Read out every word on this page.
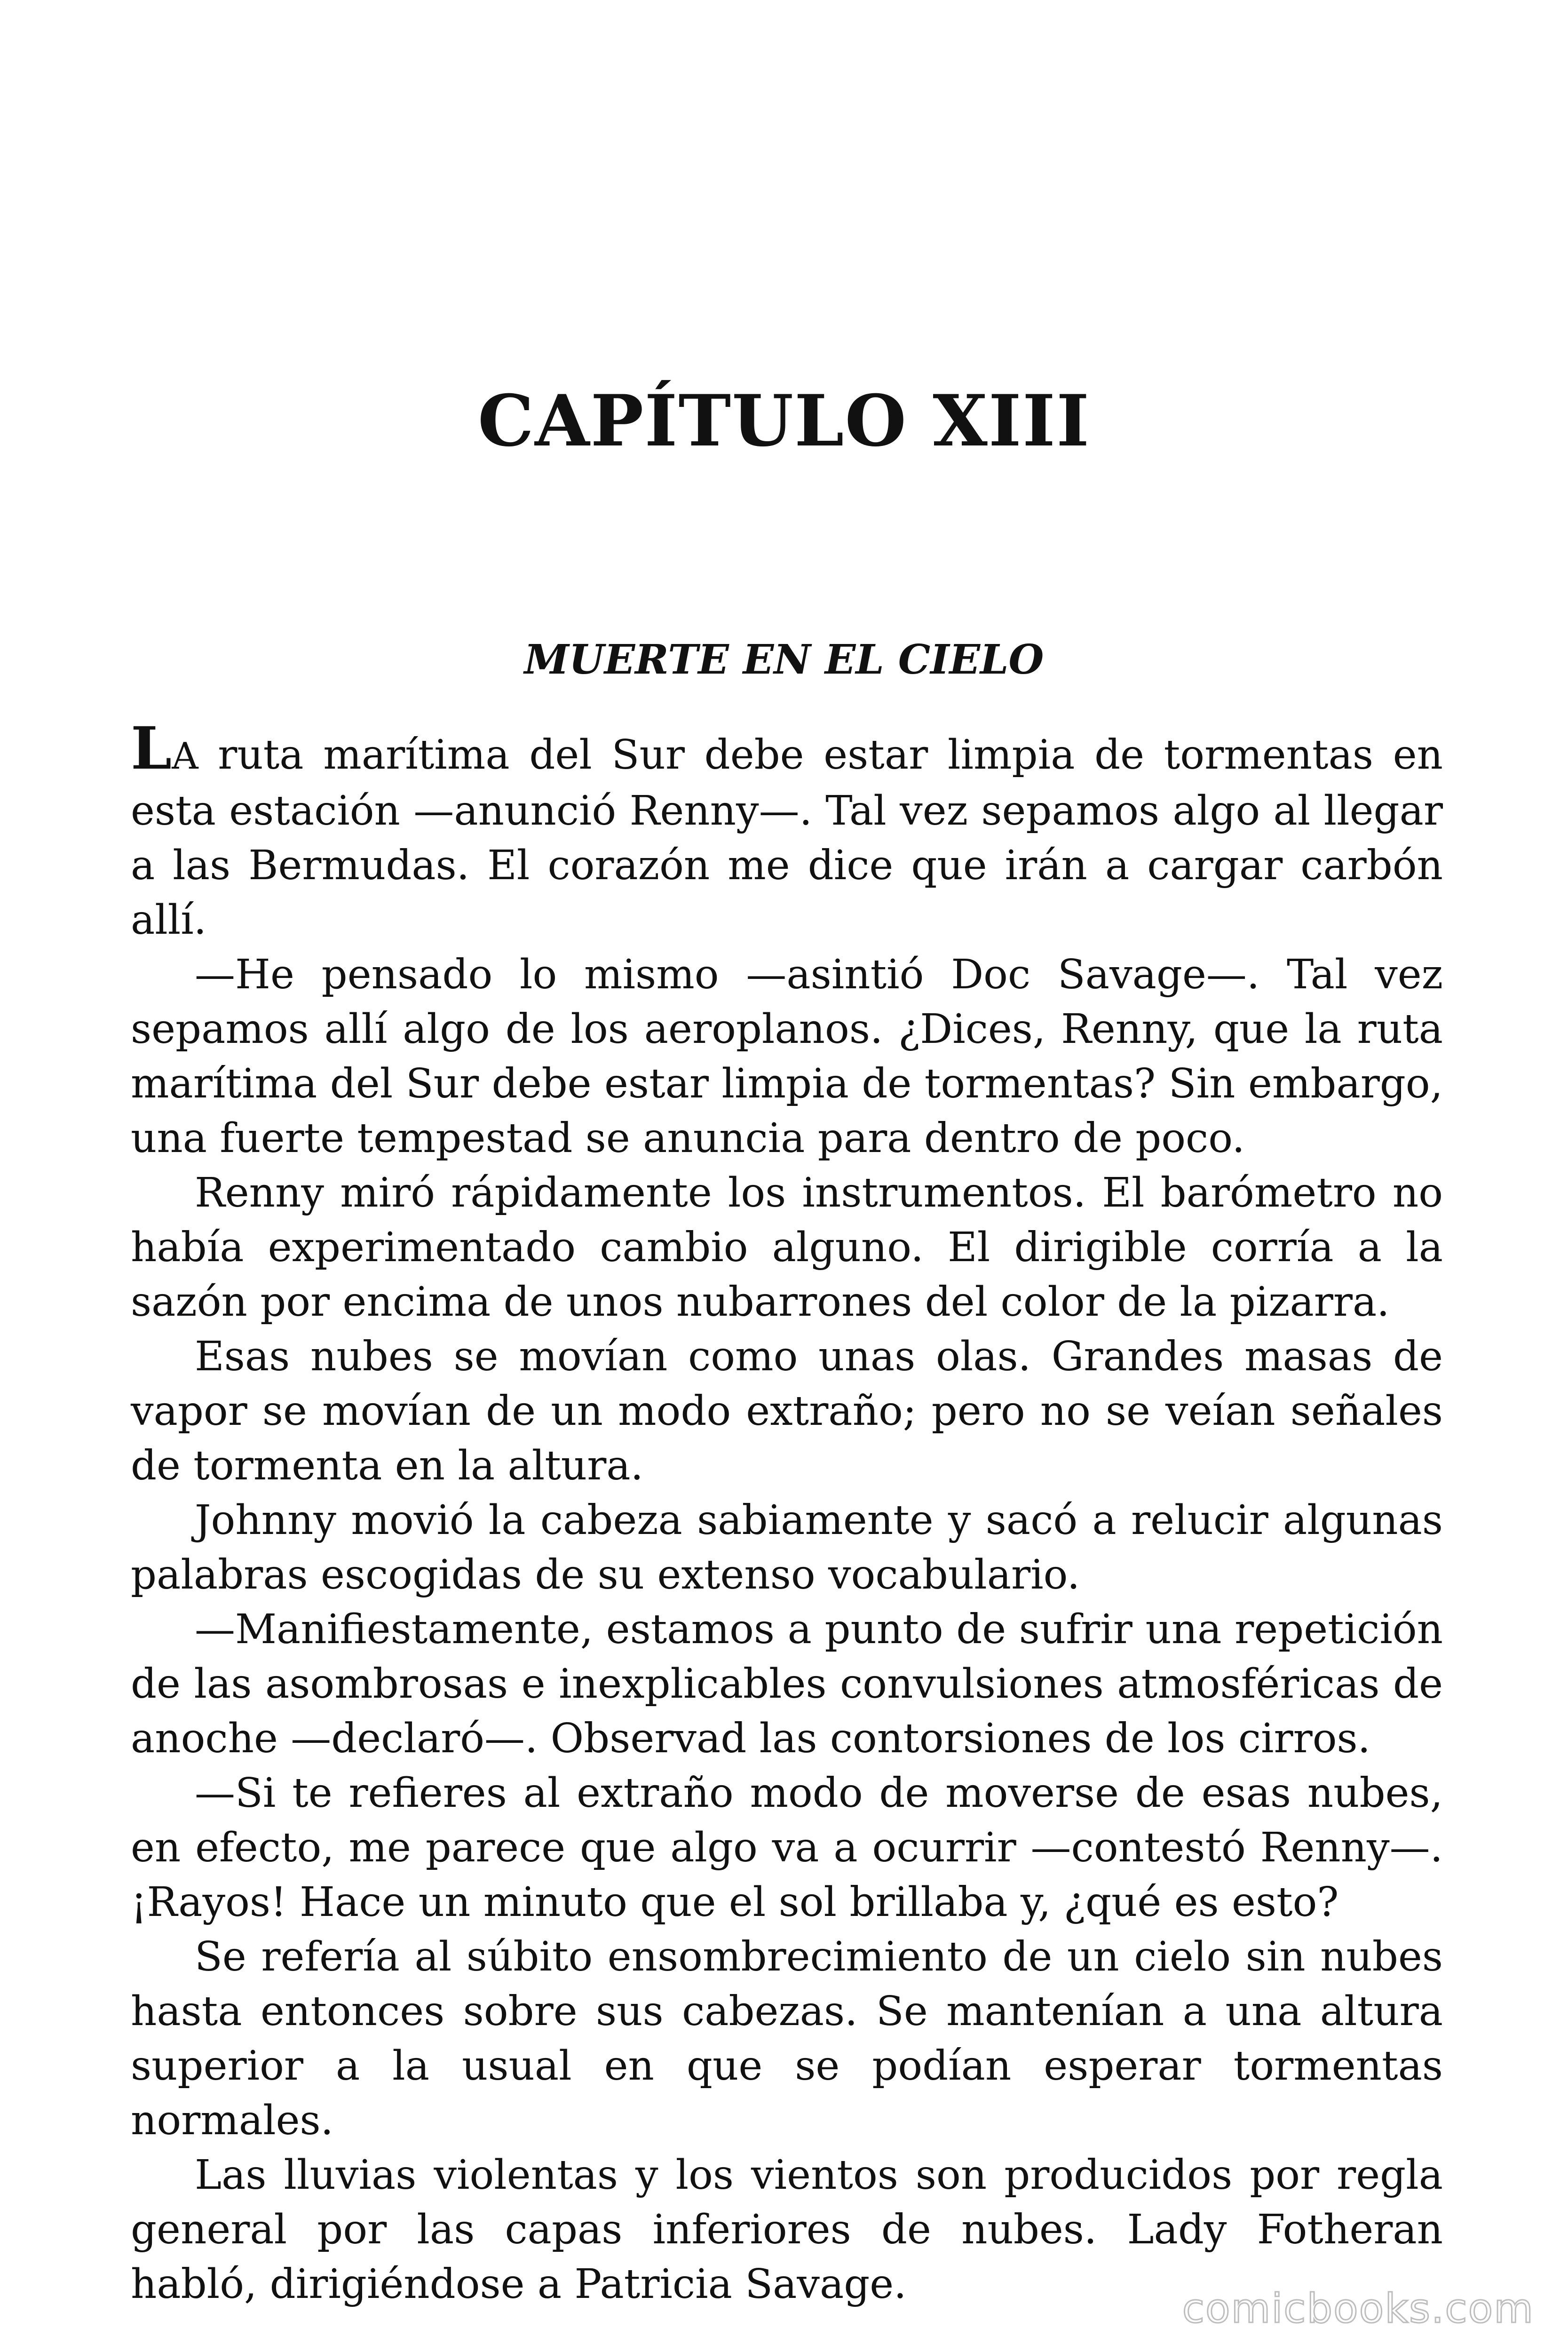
CAPÍTULO XIII
MUERTE EN EL CIELO

LA ruta marítima del Sur debe estar limpia de tormentas en esta estación —anunció Renny—. Tal vez sepamos algo al llegar a las Bermudas. El corazón me dice que irán a cargar carbón allí.

—He pensado lo mismo —asintió Doc Savage—. Tal vez sepamos allí algo de los aeroplanos. ¿Dices, Renny, que la ruta marítima del Sur debe estar limpia de tormentas? Sin embargo, una fuerte tempestad se anuncia para dentro de poco.

Renny miró rápidamente los instrumentos. El barómetro no había experimentado cambio alguno. El dirigible corría a la sazón por encima de unos nubarrones del color de la pizarra.

Esas nubes se movían como unas olas. Grandes masas de vapor se movían de un modo extraño; pero no se veían señales de tormenta en la altura.

Johnny movió la cabeza sabiamente y sacó a relucir algunas palabras escogidas de su extenso vocabulario.

—Manifiestamente, estamos a punto de sufrir una repetición de las asombrosas e inexplicables convulsiones atmosféricas de anoche —declaró—. Observad las contorsiones de los cirros.

—Si te refieres al extraño modo de moverse de esas nubes, en efecto, me parece que algo va a ocurrir —contestó Renny—. ¡Rayos! Hace un minuto que el sol brillaba y, ¿qué es esto?

Se refería al súbito ensombrecimiento de un cielo sin nubes hasta entonces sobre sus cabezas. Se mantenían a una altura superior a la usual en que se podían esperar tormentas normales.

Las lluvias violentas y los vientos son producidos por regla general por las capas inferiores de nubes. Lady Fotheran habló, dirigiéndose a Patricia Savage.

comicbooks.com
